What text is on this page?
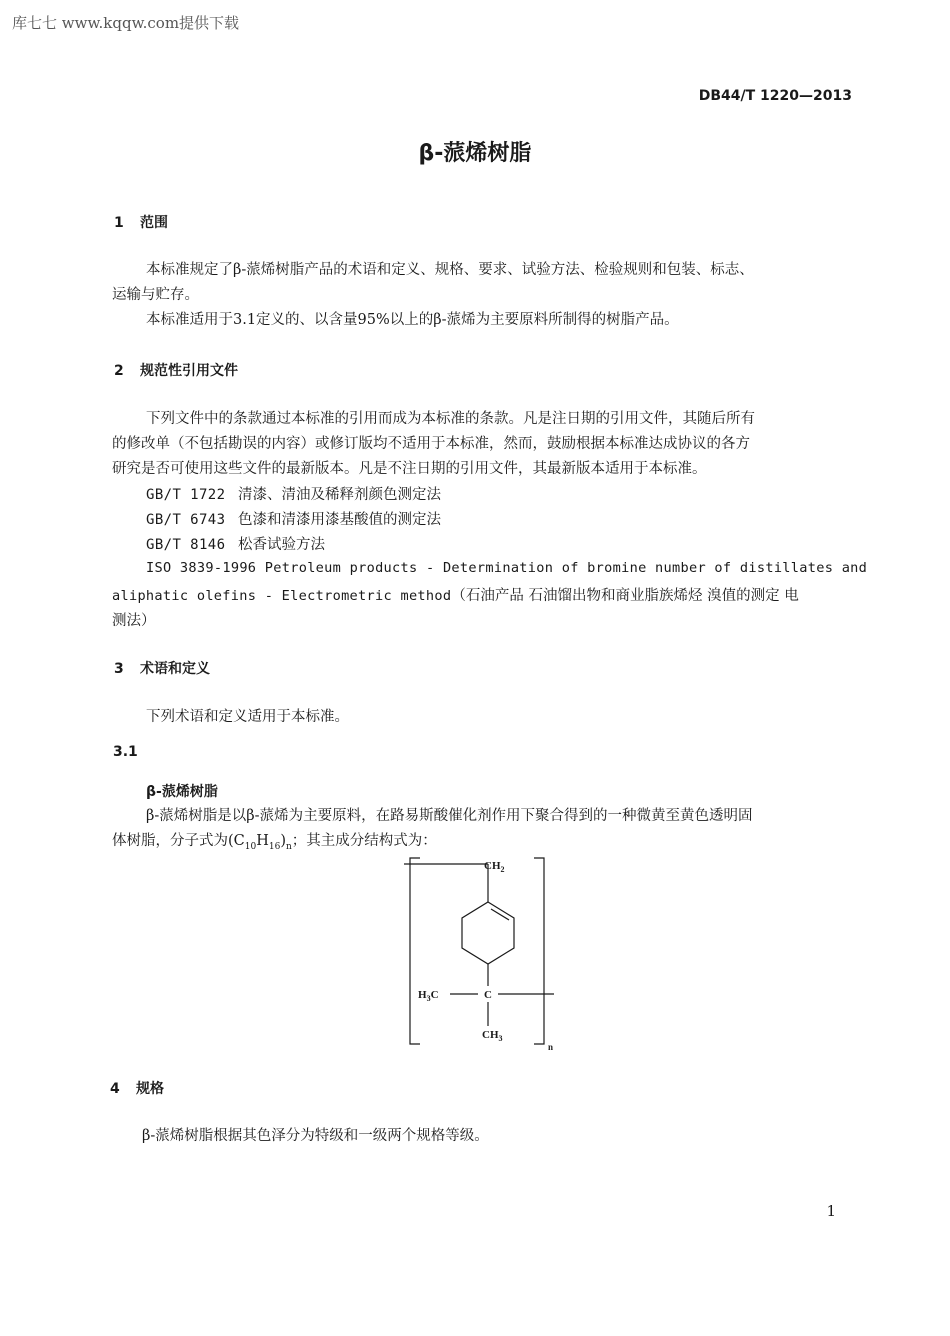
库七七 www.kqqw.com提供下载
DB44/T 1220—2013
β-蒎烯树脂
1 范围
本标准规定了β-蒎烯树脂产品的术语和定义、规格、要求、试验方法、检验规则和包装、标志、
运输与贮存。
本标准适用于3.1定义的、以含量95%以上的β-蒎烯为主要原料所制得的树脂产品。
2 规范性引用文件
下列文件中的条款通过本标准的引用而成为本标准的条款。凡是注日期的引用文件，其随后所有
的修改单（不包括勘误的内容）或修订版均不适用于本标准，然而，鼓励根据本标准达成协议的各方
研究是否可使用这些文件的最新版本。凡是不注日期的引用文件，其最新版本适用于本标准。
GB/T 1722 清漆、清油及稀释剂颜色测定法
GB/T 6743 色漆和清漆用漆基酸值的测定法
GB/T 8146 松香试验方法
ISO 3839-1996 Petroleum products - Determination of bromine number of distillates and
aliphatic olefins - Electrometric method（石油产品 石油馏出物和商业脂族烯烃 溴值的测定 电
测法）
3 术语和定义
下列术语和定义适用于本标准。
3.1
β-蒎烯树脂
β-蒎烯树脂是以β-蒎烯为主要原料，在路易斯酸催化剂作用下聚合得到的一种微黄至黄色透明固
体树脂，分子式为$(C_{10}H_{16})_n$；其主成分结构式为：
$CH_2$
$H_3C$	C
$CH_3$
n
4 规格
β-蒎烯树脂根据其色泽分为特级和一级两个规格等级。
1
